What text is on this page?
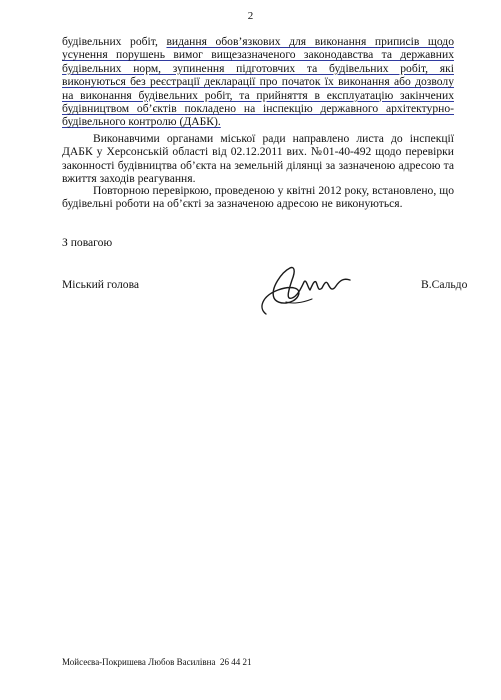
2

будівельних робіт, видання обов’язкових для виконання приписів щодо усунення порушень вимог вищезазначеного законодавства та державних будівельних норм, зупинення підготовчих та будівельних робіт, які виконуються без реєстрації декларації про початок їх виконання або дозволу на виконання будівельних робіт, та прийняття в експлуатацію закінчених будівництвом об’єктів покладено на інспекцію державного архітектурно-будівельного контролю (ДАБК).

Виконавчими органами міської ради направлено листа до інспекції ДАБК у Херсонській області від 02.12.2011 вих. №01-40-492 щодо перевірки законності будівництва об’єкта на земельній ділянці за зазначеною адресою та вжиття заходів реагування.

Повторною перевіркою, проведеною у квітні 2012 року, встановлено, що будівельні роботи на об’єкті за зазначеною адресою не виконуються.

З повагою
Міський голова	В.Сальдо
Мойсеєва-Покришева Любов Василівна 26 44 21
